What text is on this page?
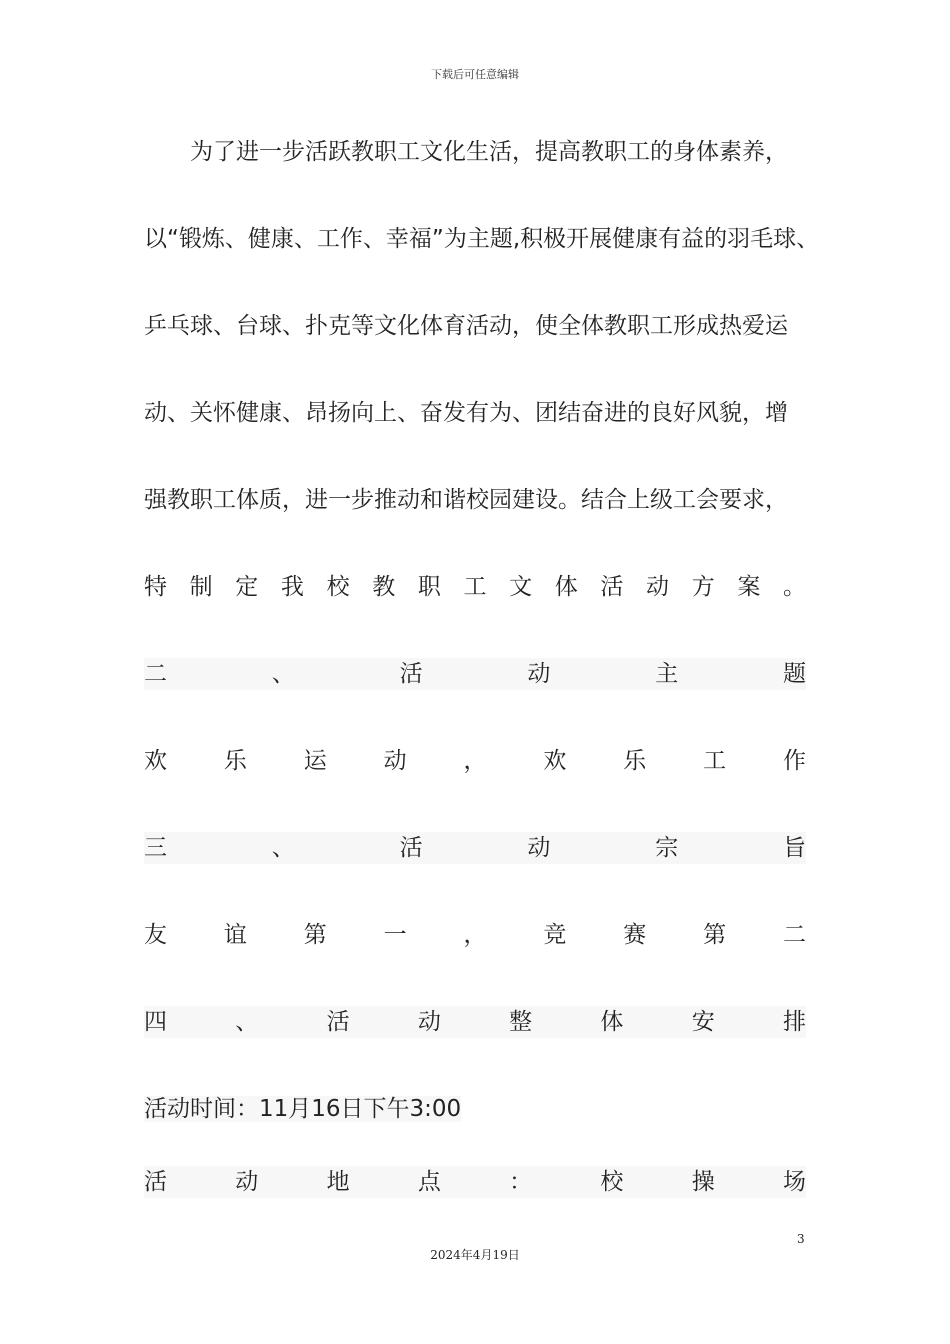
下载后可任意编辑
为了进一步活跃教职工文化生活，提高教职工的身体素养，
以“锻炼、健康、工作、幸福”为主题,积极开展健康有益的羽毛球、
乒乓球、台球、扑克等文化体育活动，使全体教职工形成热爱运
动、关怀健康、昂扬向上、奋发有为、团结奋进的良好风貌，增
强教职工体质，进一步推动和谐校园建设。结合上级工会要求，
特 制 定 我 校 教 职 工 文 体 活 动 方 案 。
二	、	活	动	主	题
欢 乐 运 动 ， 欢 乐 工 作
三	、	活	动	宗	旨
友 谊 第 一 ， 竞 赛 第 二
四	、	活	动	整	体	安	排
活动时间：11月16日下午3:00
活	动	地	点	：	校	操	场
3
2024年4月19日
